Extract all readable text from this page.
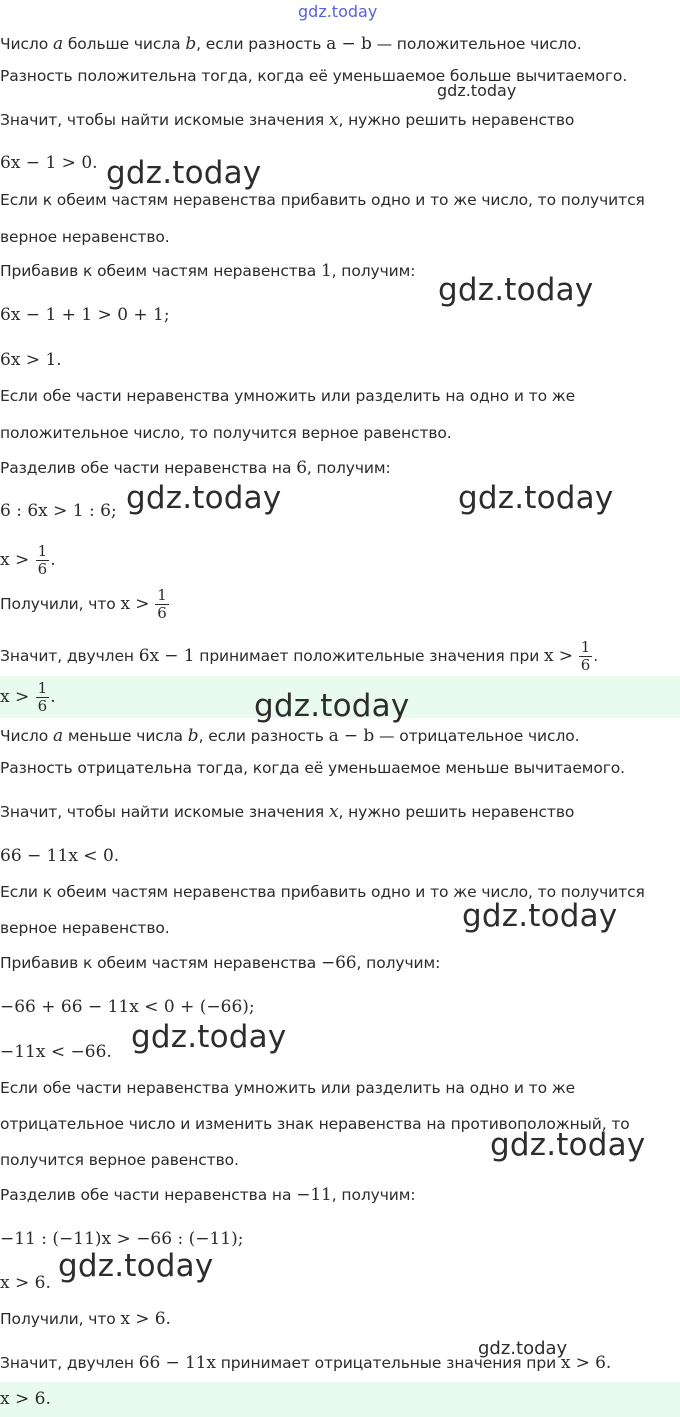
Число a больше числа b, если разность a − b — положительное число.
Разность положительна тогда, когда её уменьшаемое больше вычитаемого.
Значит, чтобы найти искомые значения x, нужно решить неравенство
6x − 1 > 0.
Если к обеим частям неравенства прибавить одно и то же число, то получится
верное неравенство.
Прибавив к обеим частям неравенства 1, получим:
6x − 1 + 1 > 0 + 1;
6x > 1.
Если обе части неравенства умножить или разделить на одно и то же
положительное число, то получится верное равенство.
Разделив обе части неравенства на 6, получим:
6 : 6x > 1 : 6;
$x > \frac{1}{6}$ .
Получили, что $x > \frac{1}{6}$
Значит, двучлен 6x − 1 принимает положительные значения при $x > \frac{1}{6}$ .
$x > \frac{1}{6}$ .
Число a меньше числа b, если разность a − b — отрицательное число.
Разность отрицательна тогда, когда её уменьшаемое меньше вычитаемого.
Значит, чтобы найти искомые значения x, нужно решить неравенство
66 − 11x < 0.
Если к обеим частям неравенства прибавить одно и то же число, то получится
верное неравенство.
Прибавив к обеим частям неравенства −66, получим:
−66 + 66 − 11x < 0 + (−66);
−11x < −66.
Если обе части неравенства умножить или разделить на одно и то же
отрицательное число и изменить знак неравенства на противоположный, то
получится верное равенство.
Разделив обе части неравенства на −11, получим:
−11 : (−11)x > −66 : (−11);
x > 6.
Получили, что x > 6.
Значит, двучлен 66 − 11x принимает отрицательные значения при x > 6.
x > 6.
gdz.today
gdz.today
gdz.today
gdz.today
gdz.today	gdz.today
gdz.today
gdz.today
gdz.today
gdz.today
gdz.today
gdz.today
